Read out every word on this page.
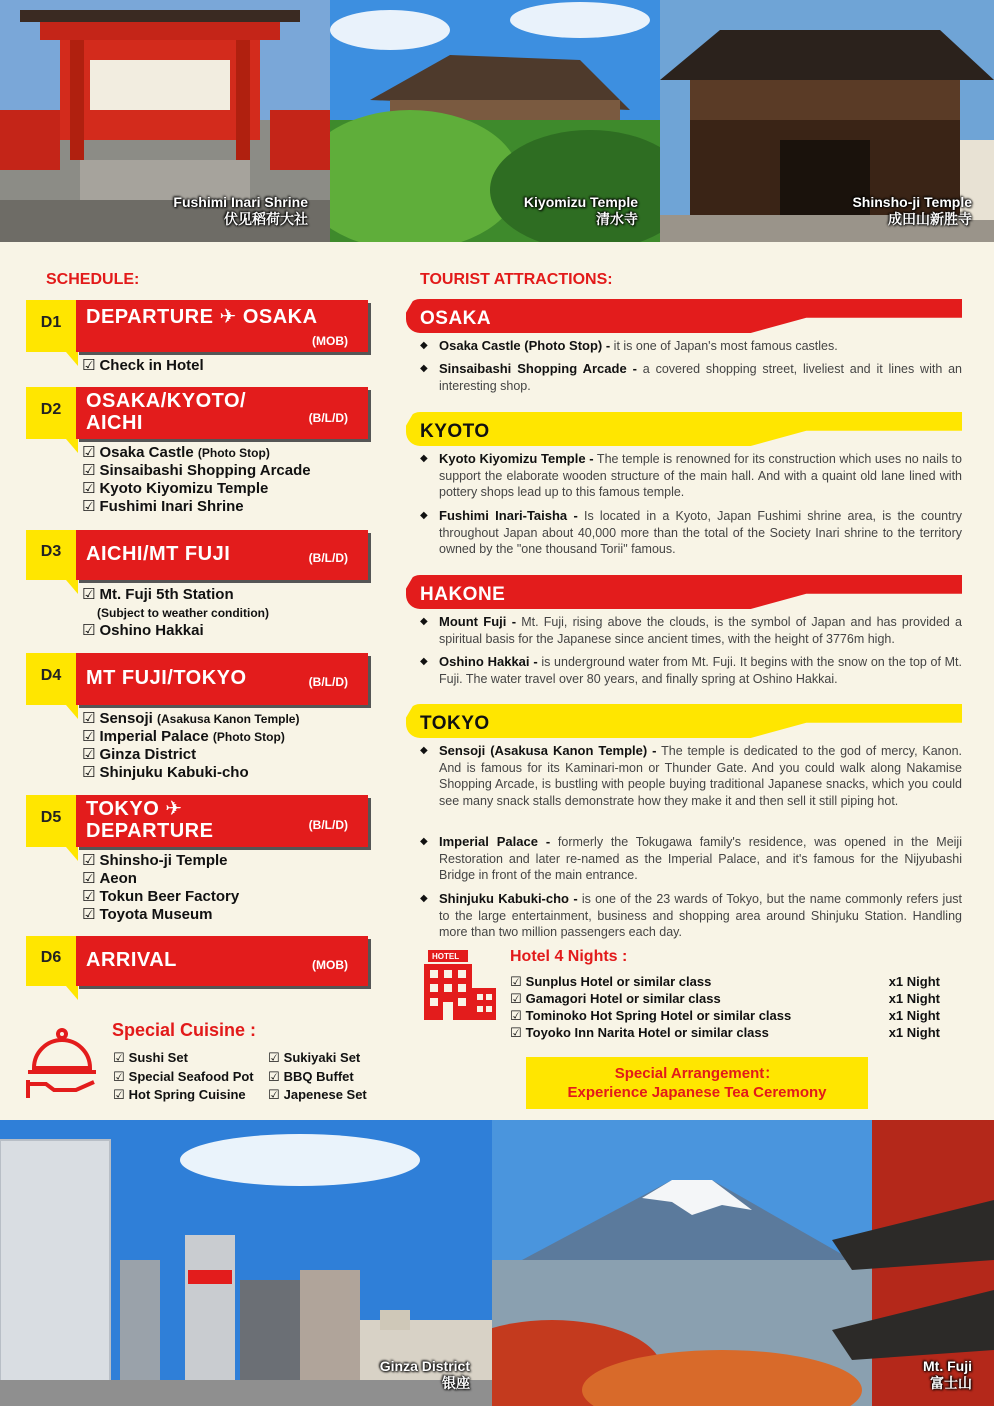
Fushimi Inari Shrine
伏见稻荷大社
Kiyomizu Temple
清水寺
Shinsho-ji Temple
成田山新胜寺
SCHEDULE:
D1	DEPARTURE ✈ OSAKA
(MOB)
☑ Check in Hotel
D2	OSAKA/KYOTO/
AICHI	(B/L/D)
☑ Osaka Castle (Photo Stop)
☑ Sinsaibashi Shopping Arcade
☑ Kyoto Kiyomizu Temple
☑ Fushimi Inari Shrine
D3	AICHI/MT FUJI	(B/L/D)
☑ Mt. Fuji 5th Station
(Subject to weather condition)
☑ Oshino Hakkai
D4	MT FUJI/TOKYO	(B/L/D)
☑ Sensoji (Asakusa Kanon Temple)
☑ Imperial Palace (Photo Stop)
☑ Ginza District
☑ Shinjuku Kabuki-cho
D5	TOKYO ✈
DEPARTURE	(B/L/D)
☑ Shinsho-ji Temple
☑ Aeon
☑ Tokun Beer Factory
☑ Toyota Museum
D6	ARRIVAL	(MOB)
TOURIST ATTRACTIONS:
OSAKA
◆ Osaka Castle (Photo Stop) - it is one of Japan's most famous castles.
◆ Sinsaibashi Shopping Arcade - a covered shopping street, liveliest and it lines with an interesting shop.
KYOTO
◆ Kyoto Kiyomizu Temple - The temple is renowned for its construction which uses no nails to support the elaborate wooden structure of the main hall. And with a quaint old lane lined with pottery shops lead up to this famous temple.
◆ Fushimi Inari-Taisha - Is located in a Kyoto, Japan Fushimi shrine area, is the country throughout Japan about 40,000 more than the total of the Society Inari shrine to the territory owned by the "one thousand Torii" famous.
HAKONE
◆ Mount Fuji - Mt. Fuji, rising above the clouds, is the symbol of Japan and has provided a spiritual basis for the Japanese since ancient times, with the height of 3776m high.
◆ Oshino Hakkai - is underground water from Mt. Fuji. It begins with the snow on the top of Mt. Fuji. The water travel over 80 years, and finally spring at Oshino Hakkai.
TOKYO
◆ Sensoji (Asakusa Kanon Temple) - The temple is dedicated to the god of mercy, Kanon. And is famous for its Kaminari-mon or Thunder Gate. And you could walk along Nakamise Shopping Arcade, is bustling with people buying traditional Japanese snacks, which you could see many snack stalls demonstrate how they make it and then sell it still piping hot.
◆ Imperial Palace - formerly the Tokugawa family's residence, was opened in the Meiji Restoration and later re-named as the Imperial Palace, and it's famous for the Nijyubashi Bridge in front of the main entrance.
◆ Shinjuku Kabuki-cho - is one of the 23 wards of Tokyo, but the name commonly refers just to the large entertainment, business and shopping area around Shinjuku Station. Handling more than two million passengers each day.
HOTEL	Hotel 4 Nights :
☑ Sunplus Hotel or similar class	x1 Night
☑ Gamagori Hotel or similar class	x1 Night
☑ Tominoko Hot Spring Hotel or similar class	x1 Night
☑ Toyoko Inn Narita Hotel or similar class	x1 Night
Special Cuisine :
☑ Sushi Set
☑ Special Seafood Pot
☑ Hot Spring Cuisine
☑ Sukiyaki Set
☑ BBQ Buffet
☑ Japenese Set
Special Arrangement：
Experience Japanese Tea Ceremony
Ginza District
银座
Mt. Fuji
富士山
